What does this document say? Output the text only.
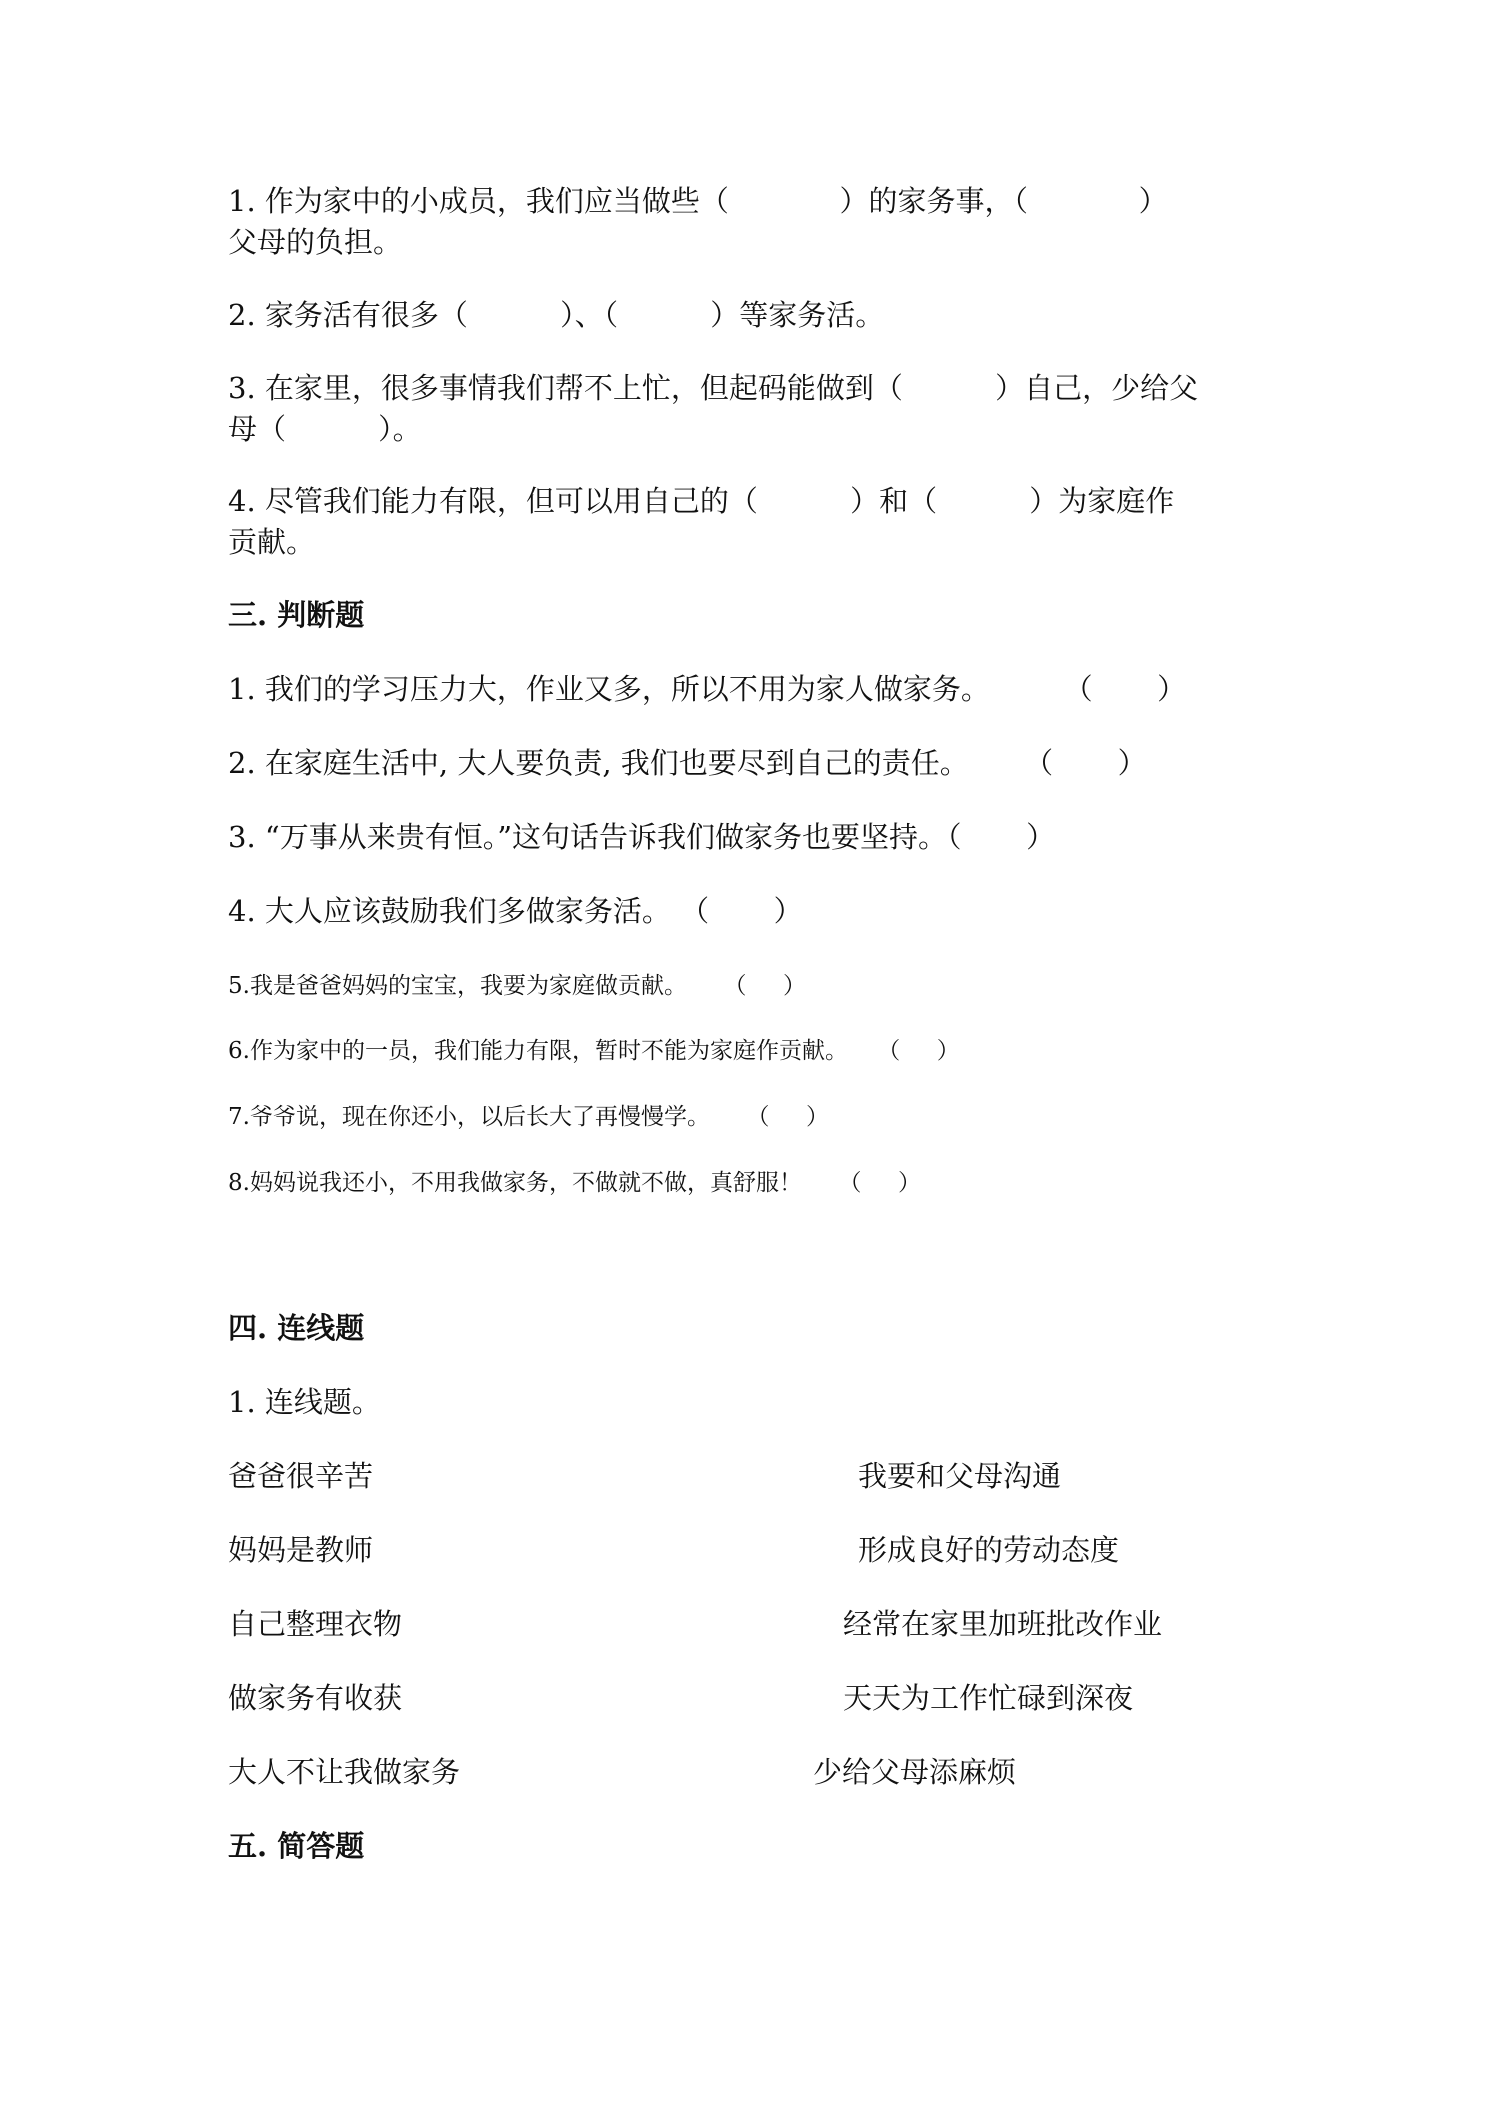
1. 作为家中的小成员，我们应当做些（            ）的家务事，（            ）
父母的负担。
2. 家务活有很多（          ）、（          ）等家务活。
3. 在家里，很多事情我们帮不上忙，但起码能做到（          ）自己，少给父
母（          ）。
4. 尽管我们能力有限，但可以用自己的（          ）和（          ）为家庭作
贡献。
三. 判断题
1. 我们的学习压力大，作业又多，所以不用为家人做家务。        （       ）
2. 在家庭生活中, 大人要负责, 我们也要尽到自己的责任。      （       ）
3. “万事从来贵有恒。”这句话告诉我们做家务也要坚持。（       ）
4. 大人应该鼓励我们多做家务活。 （       ）
5.我是爸爸妈妈的宝宝，我要为家庭做贡献。     （     ）
6.作为家中的一员，我们能力有限，暂时不能为家庭作贡献。    （     ）
7.爷爷说，现在你还小，以后长大了再慢慢学。     （     ）
8.妈妈说我还小，不用我做家务，不做就不做，真舒服！     （     ）
四. 连线题
1. 连线题。
爸爸很辛苦
妈妈是教师
自己整理衣物
做家务有收获
大人不让我做家务
我要和父母沟通
形成良好的劳动态度
经常在家里加班批改作业
天天为工作忙碌到深夜
少给父母添麻烦
五. 简答题
